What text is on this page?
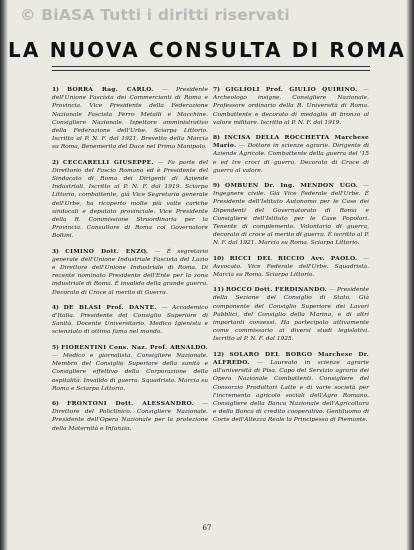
© BiASA Tutti i diritti riservati
LA NUOVA CONSULTA DI ROMA

1) BORRA Rag. CARLO. — Presidente dell'Unione Fascista dei Commercianti di Roma e Provincia. Vice Presidente della Federazione Nazionale Fascista Ferro Metalli e Macchine. Consigliere Nazionale. Ispettore amministrativo della Federazione dell'Urbe. Sciarpa Littorio. Iscritto al P. N. F. dal 1921. Brevetto della Marcia su Roma, Benemerito del Duce nel Primo Manipolo.

2) CECCARELLI GIUSEPPE. — Fa parte del Direttorio del Fascio Romano ed è Presidente del Sindacato di Roma dei Dirigenti di Aziende Industriali. Iscritto al P. N. F. dal 1919. Sciarpa Littorio, combattente, già Vice Segretario generale dell'Urbe, ha ricoperto molte più volte cariche sindacali e deputato provinciale. Vice Presidente della R. Commissione Straordinaria per la Provincia. Consultore di Roma col Governatore Boltini.

3) CIMINO Dott. ENZO. — È segretario generale dell'Unione Industriale Fascista del Lazio e Direttore dell'Unione Industriale di Roma. Di recente nominato Presidente dell'Ente per la zona industriale di Roma. È invalido della grande guerra. Decorato di Croce al merito di Guerra.

4) DE BLASI Prof. DANTE. — Accademico d'Italia. Presidente del Consiglio Superiore di Sanità. Docente Universitario. Medico Igienista e scienziato di ottima fama nel mondo.

5) FIORENTINI Cons. Naz. Prof. ARNALDO. — Medico e giornalista. Consigliere Nazionale. Membro del Consiglio Superiore della sanità e Consigliere effettivo della Corporazione della ospitalità. Invalido di guerra. Squadrista. Marcia su Roma e Sciarpa Littorio.

6) FRONTONI Dott. ALESSANDRO. — Direttore del Policlinico. Consigliere Nazionale. Presidente dell'Opera Nazionale per la protezione della Maternità e Infanzia.

7) GIGLIOLI Prof. GIULIO QUIRINO. — Archeologo insigne. Consigliere Nazionale. Professore ordinario della R. Università di Roma. Combattente e decorato di medaglia di bronzo al valore militare. Iscritto al P. N. F. dal 1919.

8) INCISA DELLA ROCCHETTA Marchese Mario. — Dottore in scienze agrarie. Dirigente di Aziende Agricole. Combattente della guerra del '15 e ed tre croci di guerra. Decorato di Croce di guerra al valore.

9) OMBUEN Dr. Ing. MENDON UGO. — Ingegnere civile. Già Vice Federale dell'Urbe. È Presidente dell'Istituto Autonomo per le Case dei Dipendenti del Governatorato di Roma e Consigliere dell'Istituto per le Case Popolari. Tenente di complemento. Volontario di guerra, decorato di croce al merito di guerra. È iscritto al P. N. F. dal 1921. Marcia su Roma. Sciarpa Littorio.

10) RICCI DEL RICCIO Avv. PAOLO. — Avvocato. Vice Federale dell'Urbe. Squadrista. Marcia su Roma. Sciarpa Littorio.

11) ROCCO Dott. FERDINANDO. — Presidente della Sezione del Consiglio di Stato. Già componente del Consiglio Superiore dei Lavori Pubblici, del Consiglio della Marina, e di altri importanti consessi. Ha partecipato attivamente come commissario ai diversi studi legislativi. Iscritto al P. N. F. dal 1925.

12) SOLARO DEL BORGO Marchese Dr. ALFREDO. — Laureato in scienze agrarie all'università di Pisa. Capo del Servizio agrario dei Opera Nazionale Combattenti. Consigliere del Consorzio Produttori Latte e di varie società per l'incremento agricolo sociali dell'Agro Romano. Consigliere della Banca Nazionale dell'Agricoltura e della Banca di credito cooperativo. Gentiluomo di Corte dell'Altezza Reale la Principessa di Piemonte.

67
